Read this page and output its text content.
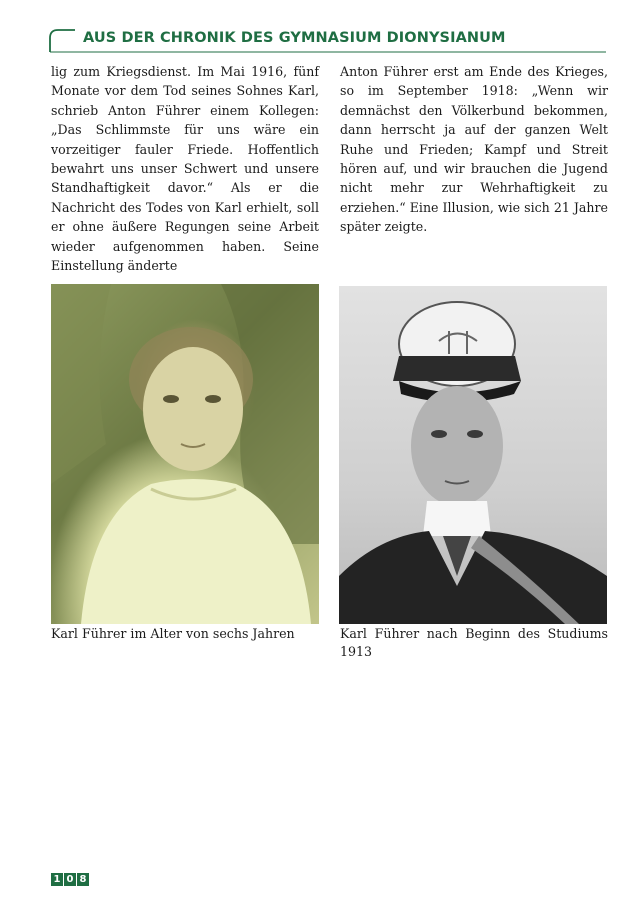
AUS DER CHRONIK DES GYMNASIUM DIONYSIANUM

lig zum Kriegsdienst. Im Mai 1916, fünf Monate vor dem Tod seines Sohnes Karl, schrieb Anton Führer einem Kollegen: „Das Schlimmste für uns wäre ein vorzeitiger fauler Friede. Hoffentlich bewahrt uns unser Schwert und unsere Standhaftigkeit davor.“ Als er die Nachricht des Todes von Karl erhielt, soll er ohne äußere Regungen seine Arbeit wieder aufgenommen haben. Seine Einstellung änderte

Anton Führer erst am Ende des Krieges, so im September 1918: „Wenn wir demnächst den Völkerbund bekommen, dann herrscht ja auf der ganzen Welt Ruhe und Frieden; Kampf und Streit hören auf, und wir brauchen die Jugend nicht mehr zur Wehrhaftigkeit zu erziehen.“ Eine Illusion, wie sich 21 Jahre später zeigte.

Karl Führer im Alter von sechs Jahren	Karl Führer nach Beginn des Studiums 1913
1 0 8
